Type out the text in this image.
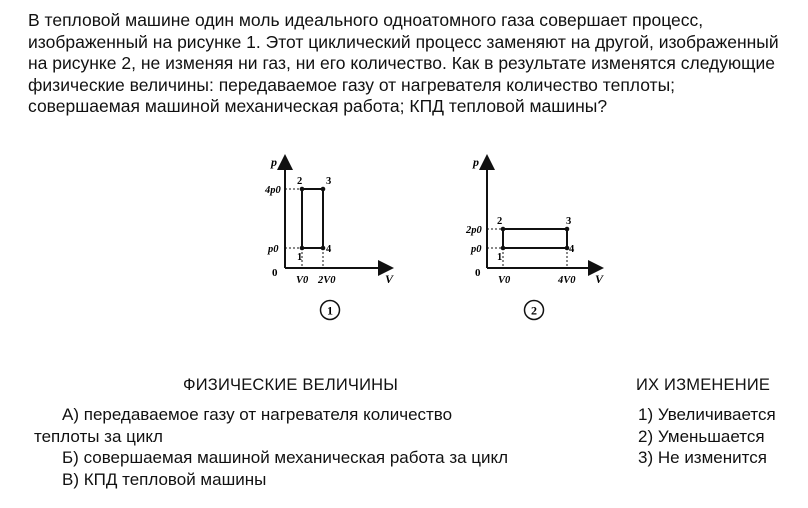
В тепловой машине один моль идеального одноатомного газа совершает процесс, изображенный на рисунке 1. Этот циклический процесс заменяют на другой, изображенный на рисунке 2, не изменяя ни газ, ни его количество. Как в результате изменятся следующие физические величины: передаваемое газу от нагревателя количество теплоты; совершаемая машиной механическая работа; КПД тепловой машины?

p
V
0
4p0
p0
V0 2V0
1
2 3
4
1
p
V
0
2p0
p0
V0	4V0
1
2	3
4
2
ФИЗИЧЕСКИЕ ВЕЛИЧИНЫ	ИХ ИЗМЕНЕНИЕ

А) передаваемое газу от нагревателя количество

теплоты за цикл

Б) совершаемая машиной механическая работа за цикл

В) КПД тепловой машины

1) Увеличивается

2) Уменьшается

3) Не изменится
